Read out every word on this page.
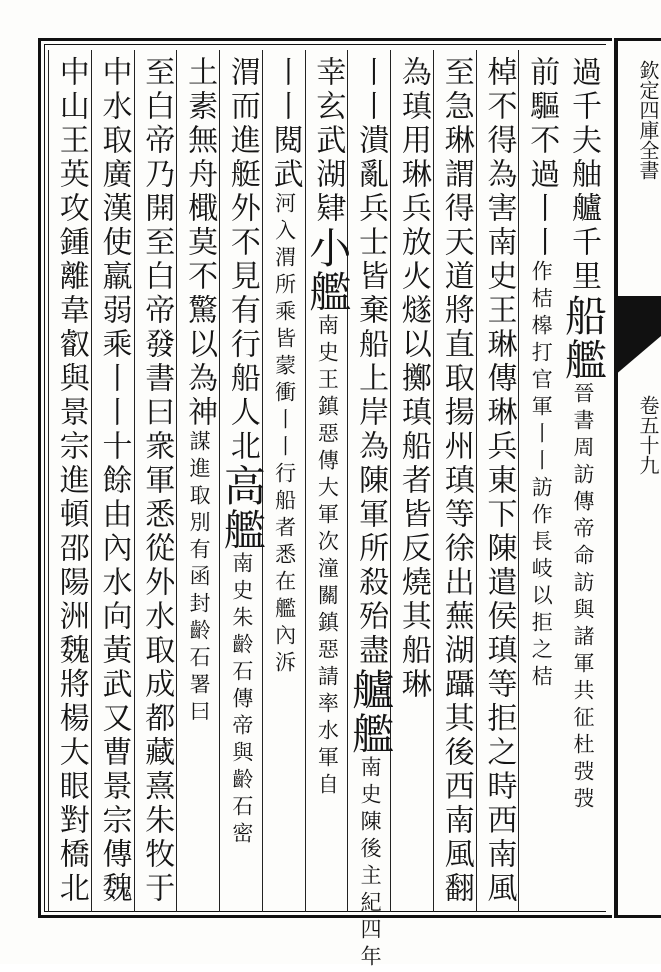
欽定四庫全書
卷五十九
過千夫舳艫千里船艦晉書周訪傳帝命訪與諸軍共征杜弢弢
前驅不過丨丨作桔槔打官軍丨丨訪作長岐以拒之桔
棹不得為害南史王琳傳琳兵東下陳遣侯瑱等拒之時西南風
至急琳謂得天道將直取揚州瑱等徐出蕪湖躡其後西南風翻
為瑱用琳兵放火燧以擲瑱船者皆反燒其船琳
丨丨潰亂兵士皆棄船上岸為陳軍所殺殆盡艫艦南史陳後主紀四年
幸玄武湖肄小艦南史王鎮惡傳大軍次潼關鎮惡請率水軍自
丨丨閱武河入渭所乘皆蒙衝丨丨行船者悉在艦內泝
渭而進艇外不見有行船人北高艦南史朱齡石傳帝與齡石密
土素無舟檝莫不驚以為神謀進取別有函封齡石署曰
至白帝乃開至白帝發書曰衆軍悉從外水取成都藏熹朱牧于
中水取廣漢使羸弱乘丨丨十餘由內水向黃武又曹景宗傳魏
中山王英攻鍾離韋叡與景宗進頓邵陽洲魏將楊大眼對橋北
